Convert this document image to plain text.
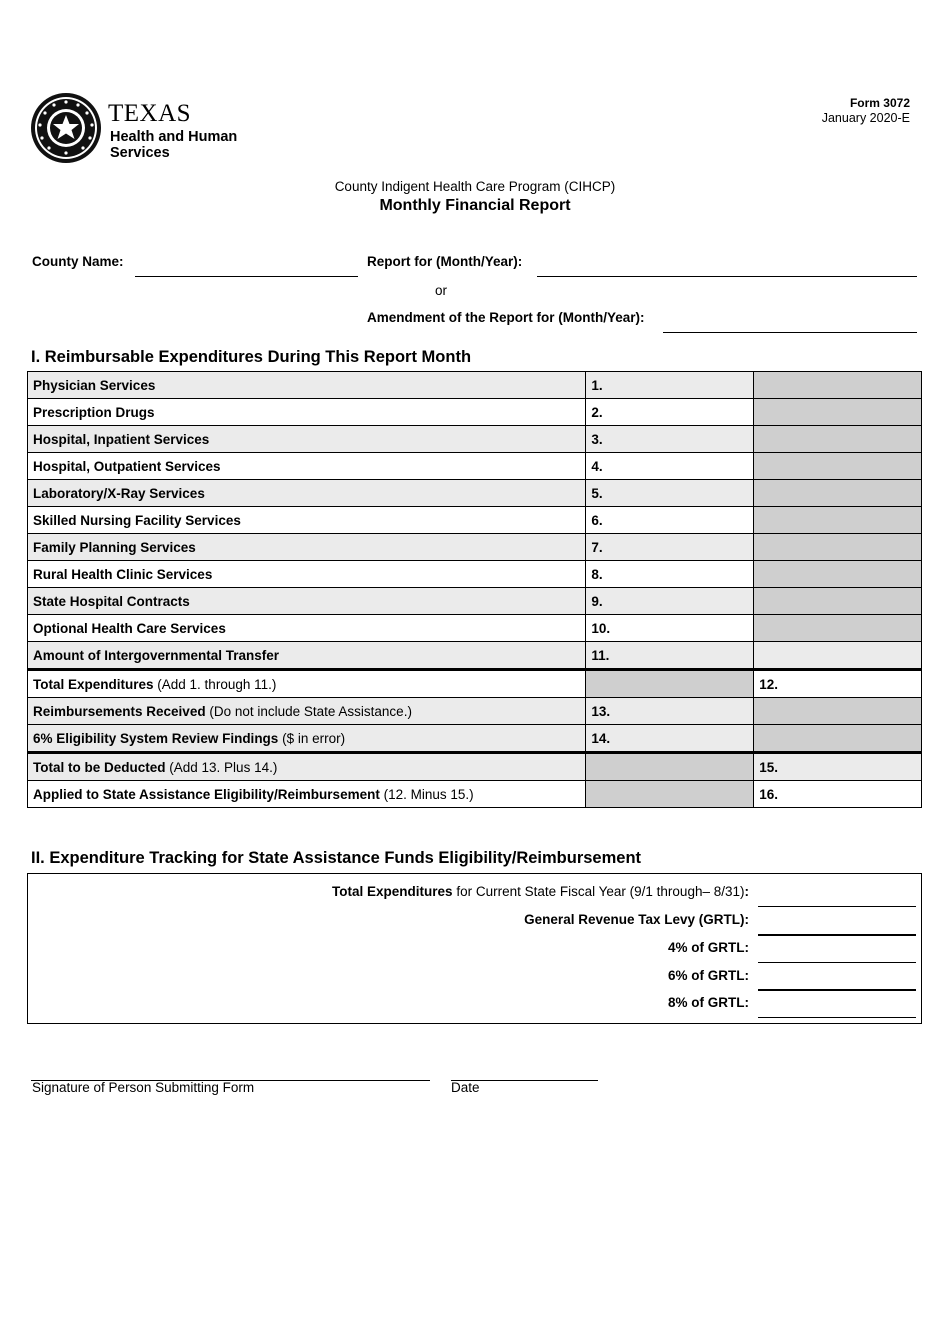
TEXAS
Health and Human
Services
Form 3072
January 2020-E
County Indigent Health Care Program (CIHCP)
Monthly Financial Report
County Name:	Report for (Month/Year):
or
Amendment of the Report for (Month/Year):
I. Reimbursable Expenditures During This Report Month
Physician Services	1.	
Prescription Drugs	2.	
Hospital, Inpatient Services	3.	
Hospital, Outpatient Services	4.	
Laboratory/X-Ray Services	5.	
Skilled Nursing Facility Services	6.	
Family Planning Services	7.	
Rural Health Clinic Services	8.	
State Hospital Contracts	9.	
Optional Health Care Services	10.	
Amount of Intergovernmental Transfer	11.	
Total Expenditures (Add 1. through 11.)		12.
Reimbursements Received (Do not include State Assistance.)	13.	
6% Eligibility System Review Findings ($ in error)	14.	
Total to be Deducted (Add 13. Plus 14.)		15.
Applied to State Assistance Eligibility/Reimbursement (12. Minus 15.)		16.
II. Expenditure Tracking for State Assistance Funds Eligibility/Reimbursement
Total Expenditures for Current State Fiscal Year (9/1 through– 8/31):
General Revenue Tax Levy (GRTL):
4% of GRTL:
6% of GRTL:
8% of GRTL:
Signature of Person Submitting Form	Date
